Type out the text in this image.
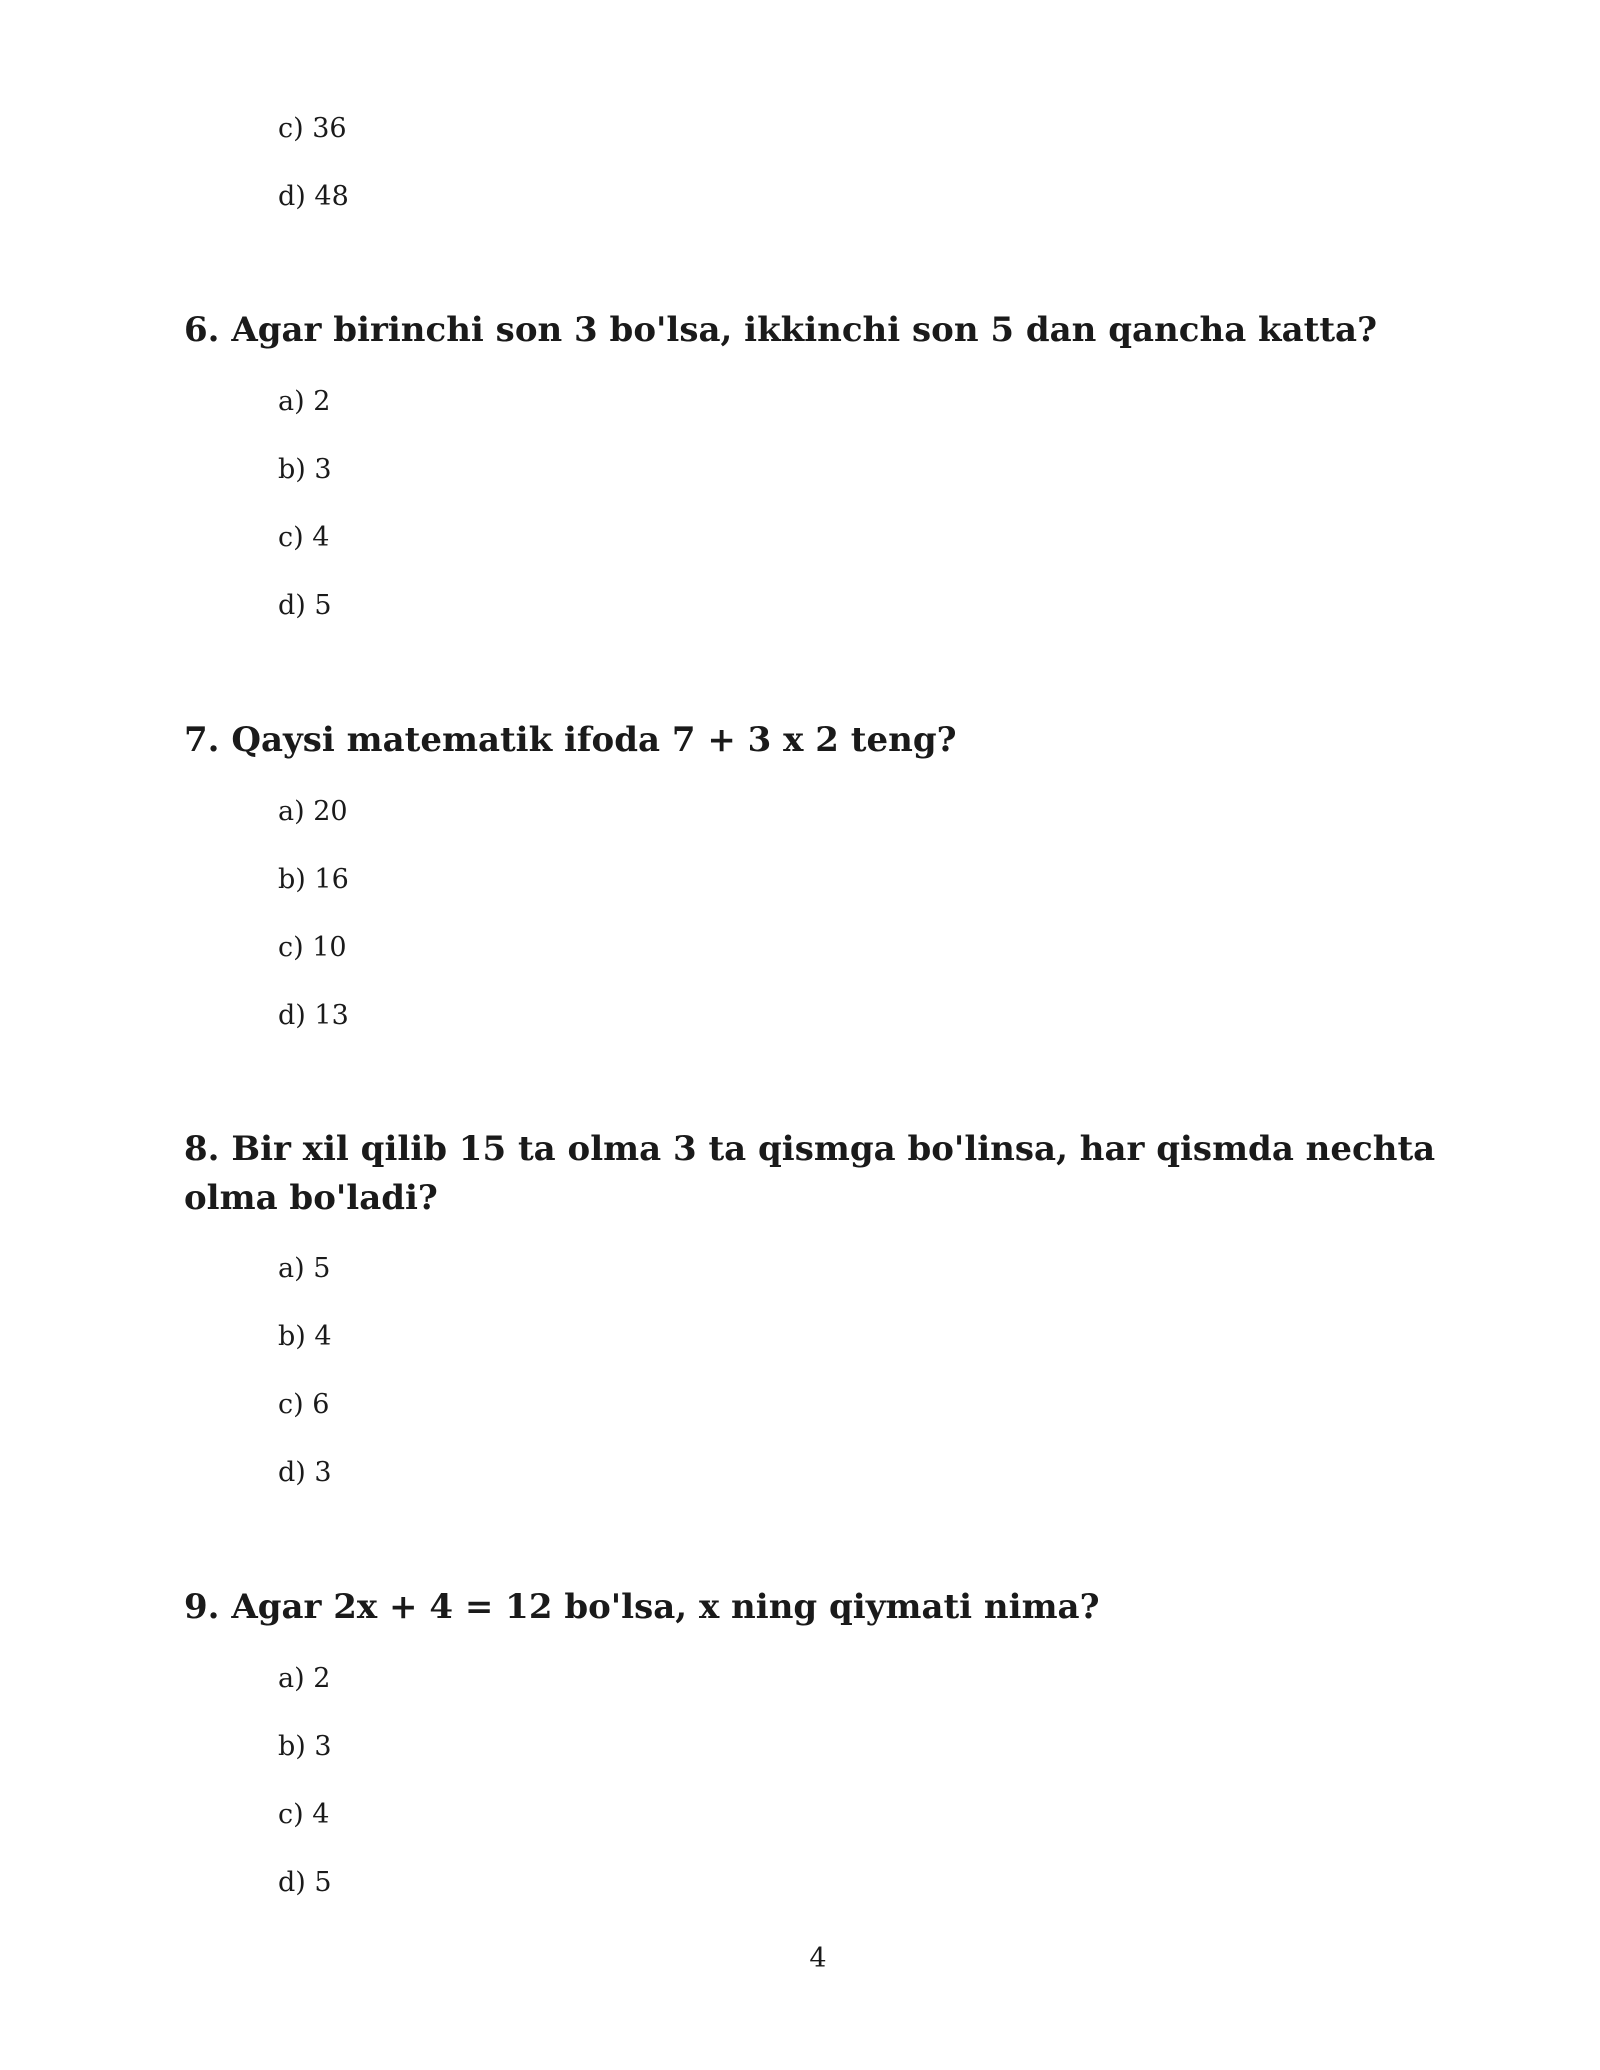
c) 36
d) 48

6. Agar birinchi son 3 bo'lsa, ikkinchi son 5 dan qancha katta?

a) 2
b) 3
c) 4
d) 5

7. Qaysi matematik ifoda 7 + 3 x 2 teng?

a) 20
b) 16
c) 10
d) 13

8. Bir xil qilib 15 ta olma 3 ta qismga bo'linsa, har qismda nechta olma bo'ladi?

a) 5
b) 4
c) 6
d) 3

9. Agar 2x + 4 = 12 bo'lsa, x ning qiymati nima?

a) 2
b) 3
c) 4
d) 5
4
